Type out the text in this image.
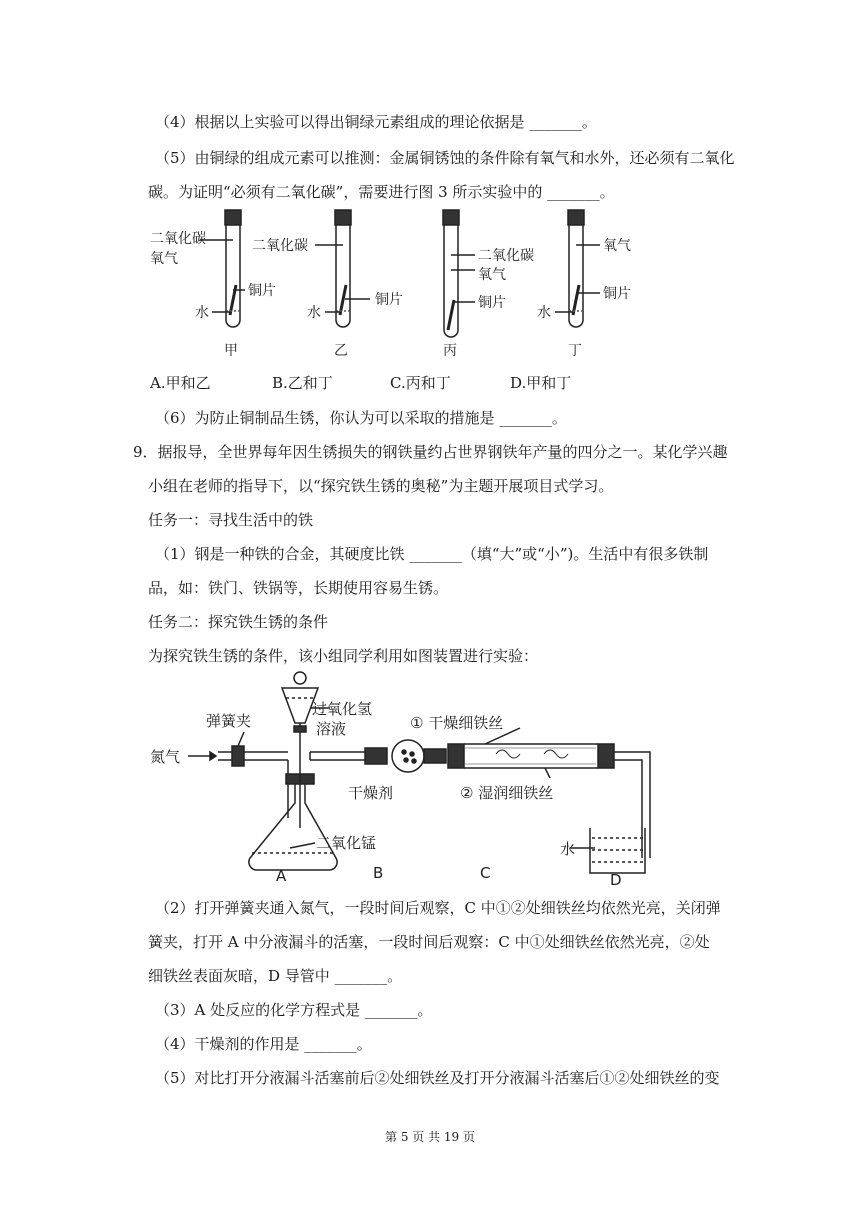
（4）根据以上实验可以得出铜绿元素组成的理论依据是 _______。
（5）由铜绿的组成元素可以推测：金属铜锈蚀的条件除有氧气和水外，还必须有二氧化
碳。为证明“必须有二氧化碳”，需要进行图 3 所示实验中的 _______。
二氧化碳
氧气
铜片
水
甲
二氧化碳
铜片
水
乙
二氧化碳
氧气
铜片
丙
氧气
铜片
水
丁
A.甲和乙	B.乙和丁	C.丙和丁	D.甲和丁
（6）为防止铜制品生锈，你认为可以采取的措施是 _______。
9．据报导，全世界每年因生锈损失的钢铁量约占世界钢铁年产量的四分之一。某化学兴趣
小组在老师的指导下，以“探究铁生锈的奥秘”为主题开展项目式学习。
任务一：寻找生活中的铁
（1）钢是一种铁的合金，其硬度比铁 _______（填“大”或“小”)。生活中有很多铁制
品，如：铁门、铁锅等，长期使用容易生锈。
任务二：探究铁生锈的条件
为探究铁生锈的条件，该小组同学利用如图装置进行实验：
弹簧夹
氮气
过氧化氢
溶液	① 干燥细铁丝
② 湿润细铁丝
干燥剂
二氧化锰	水
A	B	C	D
（2）打开弹簧夹通入氮气，一段时间后观察，C 中①②处细铁丝均依然光亮，关闭弹
簧夹，打开 A 中分液漏斗的活塞，一段时间后观察：C 中①处细铁丝依然光亮，②处
细铁丝表面灰暗，D 导管中 _______。
（3）A 处反应的化学方程式是 _______。
（4）干燥剂的作用是 _______。
（5）对比打开分液漏斗活塞前后②处细铁丝及打开分液漏斗活塞后①②处细铁丝的变
第 5 页 共 19 页
